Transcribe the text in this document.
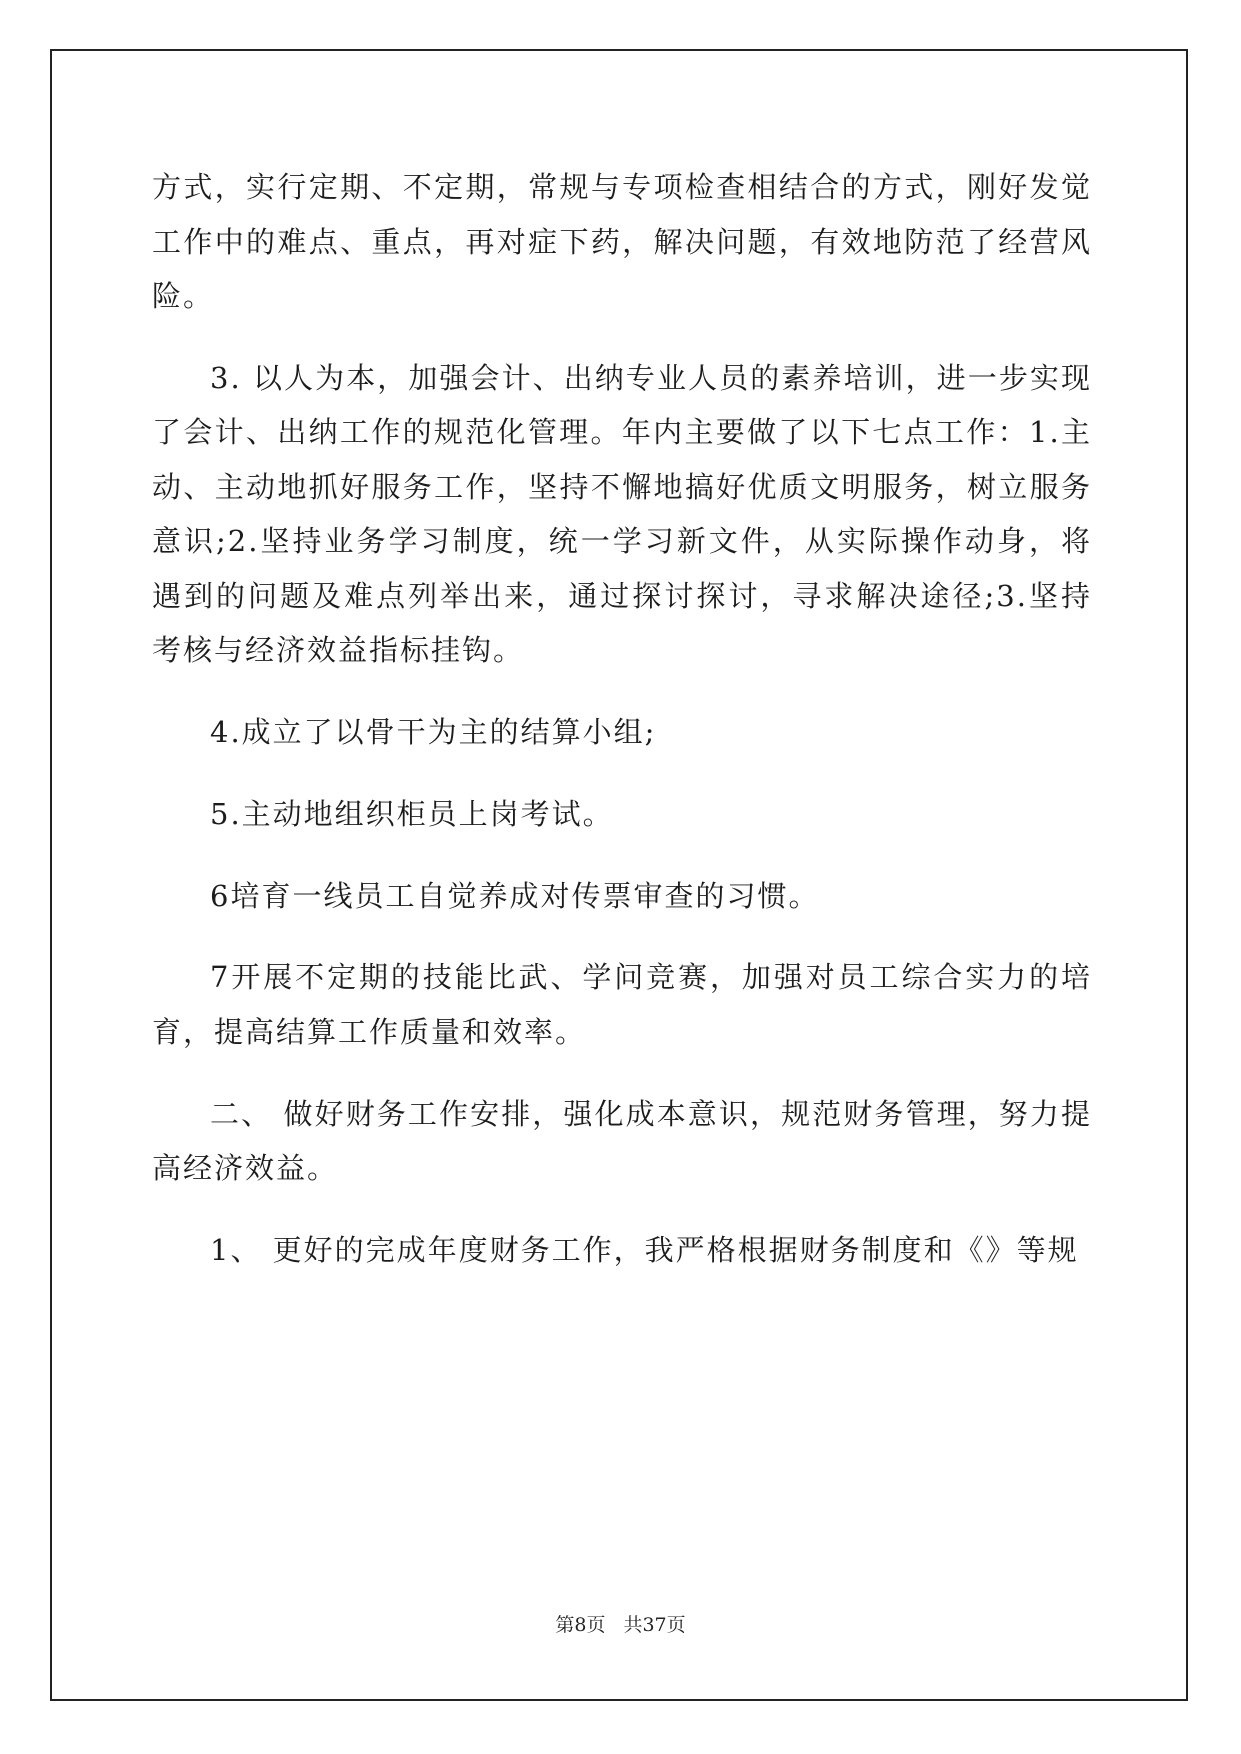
方式，实行定期、不定期，常规与专项检查相结合的方式，刚好发觉工作中的难点、重点，再对症下药，解决问题，有效地防范了经营风险。

3. 以人为本，加强会计、出纳专业人员的素养培训，进一步实现了会计、出纳工作的规范化管理。年内主要做了以下七点工作：1.主动、主动地抓好服务工作，坚持不懈地搞好优质文明服务，树立服务意识;2.坚持业务学习制度，统一学习新文件，从实际操作动身，将遇到的问题及难点列举出来，通过探讨探讨，寻求解决途径;3.坚持考核与经济效益指标挂钩。

4.成立了以骨干为主的结算小组;

5.主动地组织柜员上岗考试。

6培育一线员工自觉养成对传票审查的习惯。

7开展不定期的技能比武、学问竞赛，加强对员工综合实力的培育，提高结算工作质量和效率。

二、 做好财务工作安排，强化成本意识，规范财务管理，努力提高经济效益。

1、 更好的完成年度财务工作，我严格根据财务制度和《》等规

第8页 共37页
